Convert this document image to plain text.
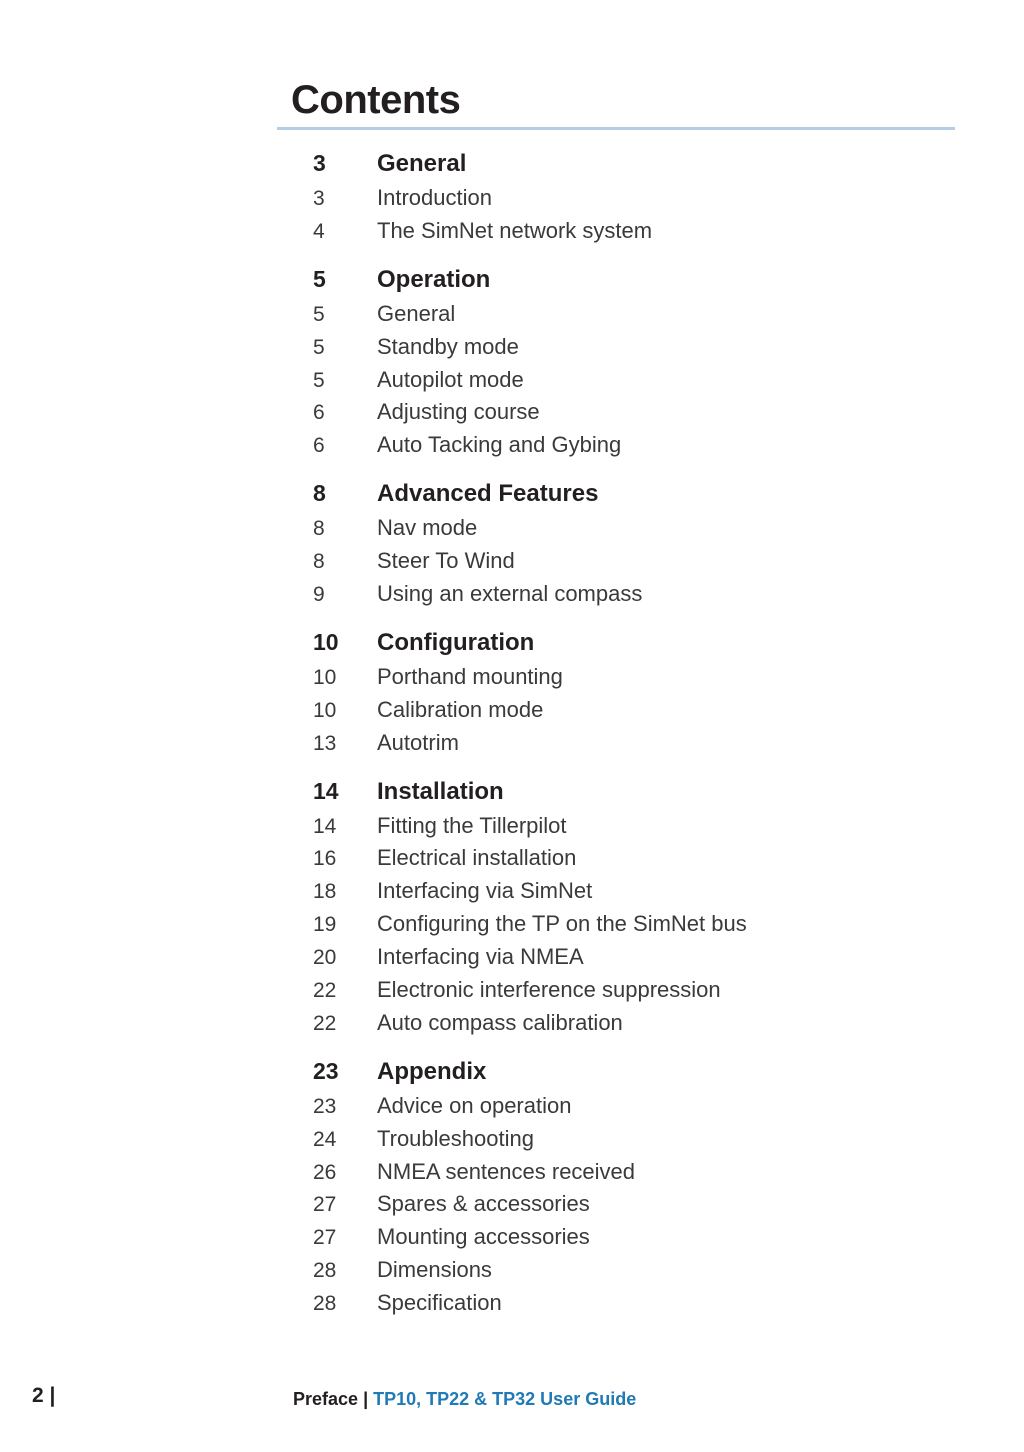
Contents
3	General
3	Introduction
4	The SimNet network system
5	Operation
5	General
5	Standby mode
5	Autopilot mode
6	Adjusting course
6	Auto Tacking and Gybing
8	Advanced Features
8	Nav mode
8	Steer To Wind
9	Using an external compass
10	Configuration
10	Porthand mounting
10	Calibration mode
13	Autotrim
14	Installation
14	Fitting the Tillerpilot
16	Electrical installation
18	Interfacing via SimNet
19	Configuring the TP on the SimNet bus
20	Interfacing via NMEA
22	Electronic interference suppression
22	Auto compass calibration
23	Appendix
23	Advice on operation
24	Troubleshooting
26	NMEA sentences received
27	Spares & accessories
27	Mounting accessories
28	Dimensions
28	Specification
2 |	Preface | TP10, TP22 & TP32 User Guide
